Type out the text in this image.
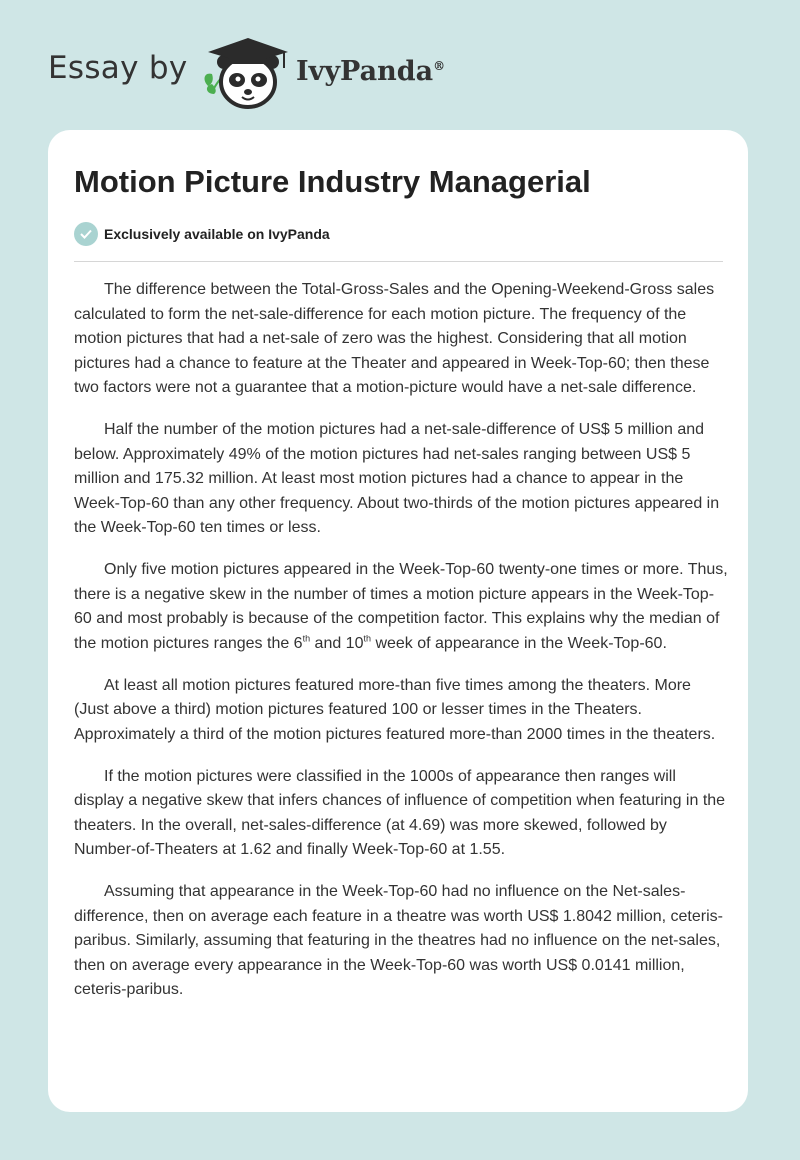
Essay by	IvyPanda®
Motion Picture Industry Managerial
Exclusively available on IvyPanda

The difference between the Total-Gross-Sales and the Opening-Weekend-Gross sales calculated to form the net-sale-difference for each motion picture. The frequency of the motion pictures that had a net-sale of zero was the highest. Considering that all motion pictures had a chance to feature at the Theater and appeared in Week-Top-60; then these two factors were not a guarantee that a motion-picture would have a net-sale difference.

Half the number of the motion pictures had a net-sale-difference of US$ 5 million and below. Approximately 49% of the motion pictures had net-sales ranging between US$ 5 million and 175.32 million. At least most motion pictures had a chance to appear in the Week-Top-60 than any other frequency. About two-thirds of the motion pictures appeared in the Week-Top-60 ten times or less.

Only five motion pictures appeared in the Week-Top-60 twenty-one times or more. Thus, there is a negative skew in the number of times a motion picture appears in the Week-Top-60 and most probably is because of the competition factor. This explains why the median of the motion pictures ranges the 6th and 10th week of appearance in the Week-Top-60.

At least all motion pictures featured more-than five times among the theaters. More (Just above a third) motion pictures featured 100 or lesser times in the Theaters. Approximately a third of the motion pictures featured more-than 2000 times in the theaters.

If the motion pictures were classified in the 1000s of appearance then ranges will display a negative skew that infers chances of influence of competition when featuring in the theaters. In the overall, net-sales-difference (at 4.69) was more skewed, followed by Number-of-Theaters at 1.62 and finally Week-Top-60 at 1.55.

Assuming that appearance in the Week-Top-60 had no influence on the Net-sales-difference, then on average each feature in a theatre was worth US$ 1.8042 million, ceteris-paribus. Similarly, assuming that featuring in the theatres had no influence on the net-sales, then on average every appearance in the Week-Top-60 was worth US$ 0.0141 million, ceteris-paribus.
